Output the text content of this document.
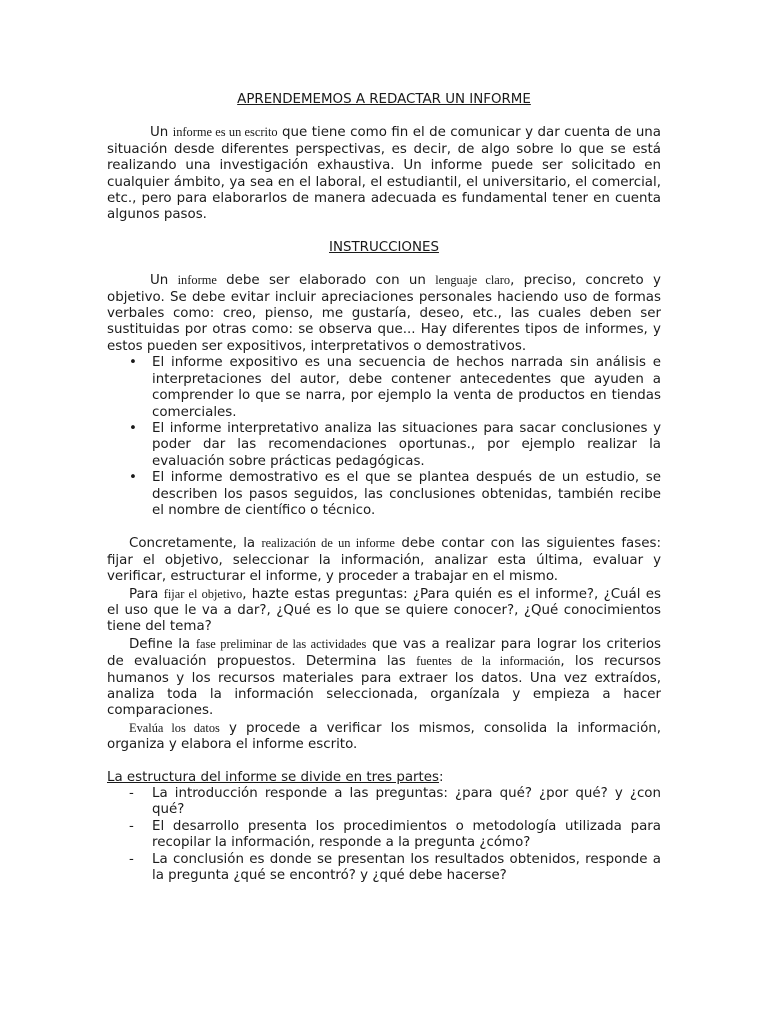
APRENDEMEMOS A REDACTAR UN INFORME

Un informe es un escrito que tiene como fin el de comunicar y dar cuenta de una situación desde diferentes perspectivas, es decir, de algo sobre lo que se está realizando una investigación exhaustiva. Un informe puede ser solicitado en cualquier ámbito, ya sea en el laboral, el estudiantil, el universitario, el comercial, etc., pero para elaborarlos de manera adecuada es fundamental tener en cuenta algunos pasos.

INSTRUCCIONES

Un informe debe ser elaborado con un lenguaje claro, preciso, concreto y objetivo. Se debe evitar incluir apreciaciones personales haciendo uso de formas verbales como: creo, pienso, me gustaría, deseo, etc., las cuales deben ser sustituidas por otras como: se observa que... Hay diferentes tipos de informes, y estos pueden ser expositivos, interpretativos o demostrativos.

• El informe expositivo es una secuencia de hechos narrada sin análisis e interpretaciones del autor, debe contener antecedentes que ayuden a comprender lo que se narra, por ejemplo la venta de productos en tiendas comerciales.
• El informe interpretativo analiza las situaciones para sacar conclusiones y poder dar las recomendaciones oportunas., por ejemplo realizar la evaluación sobre prácticas pedagógicas.
• El informe demostrativo es el que se plantea después de un estudio, se describen los pasos seguidos, las conclusiones obtenidas, también recibe el nombre de científico o técnico.

Concretamente, la realización de un informe debe contar con las siguientes fases: fijar el objetivo, seleccionar la información, analizar esta última, evaluar y verificar, estructurar el informe, y proceder a trabajar en el mismo.

Para fijar el objetivo, hazte estas preguntas: ¿Para quién es el informe?, ¿Cuál es el uso que le va a dar?, ¿Qué es lo que se quiere conocer?, ¿Qué conocimientos tiene del tema?

Define la fase preliminar de las actividades que vas a realizar para lograr los criterios de evaluación propuestos. Determina las fuentes de la información, los recursos humanos y los recursos materiales para extraer los datos. Una vez extraídos, analiza toda la información seleccionada, organízala y empieza a hacer comparaciones.

Evalúa los datos y procede a verificar los mismos, consolida la información, organiza y elabora el informe escrito.

La estructura del informe se divide en tres partes:

- La introducción responde a las preguntas: ¿para qué? ¿por qué? y ¿con qué?
- El desarrollo presenta los procedimientos o metodología utilizada para recopilar la información, responde a la pregunta ¿cómo?
- La conclusión es donde se presentan los resultados obtenidos, responde a la pregunta ¿qué se encontró? y ¿qué debe hacerse?
